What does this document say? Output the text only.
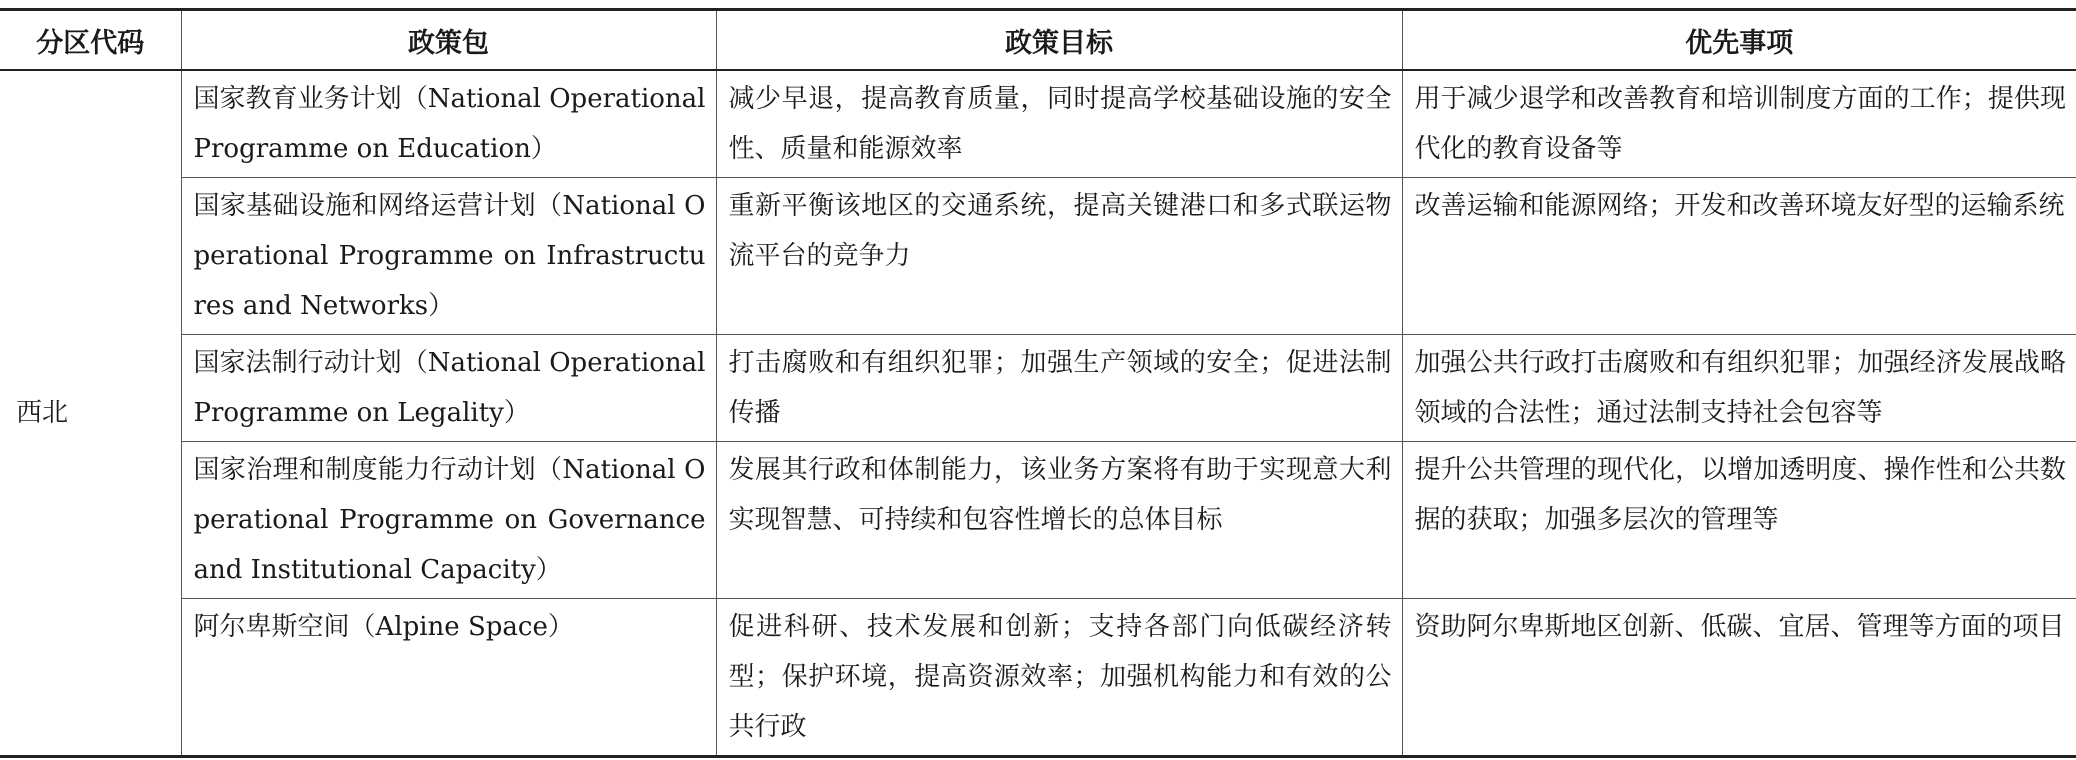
分区代码	政策包	政策目标	优先事项
西北	国家教育业务计划（National Operational Programme on Education）	减少早退，提高教育质量，同时提高学校基础设施的安全性、质量和能源效率	用于减少退学和改善教育和培训制度方面的工作；提供现代化的教育设备等
	国家基础设施和网络运营计划（National Operational Programme on Infrastructures and Networks）	重新平衡该地区的交通系统，提高关键港口和多式联运物流平台的竞争力	改善运输和能源网络；开发和改善环境友好型的运输系统
	国家法制行动计划（National Operational Programme on Legality）	打击腐败和有组织犯罪；加强生产领域的安全；促进法制传播	加强公共行政打击腐败和有组织犯罪；加强经济发展战略领域的合法性；通过法制支持社会包容等
	国家治理和制度能力行动计划（National Operational Programme on Governance and Institutional Capacity）	发展其行政和体制能力，该业务方案将有助于实现意大利实现智慧、可持续和包容性增长的总体目标	提升公共管理的现代化，以增加透明度、操作性和公共数据的获取；加强多层次的管理等
	阿尔卑斯空间（Alpine Space）	促进科研、技术发展和创新；支持各部门向低碳经济转型；保护环境，提高资源效率；加强机构能力和有效的公共行政	资助阿尔卑斯地区创新、低碳、宜居、管理等方面的项目
